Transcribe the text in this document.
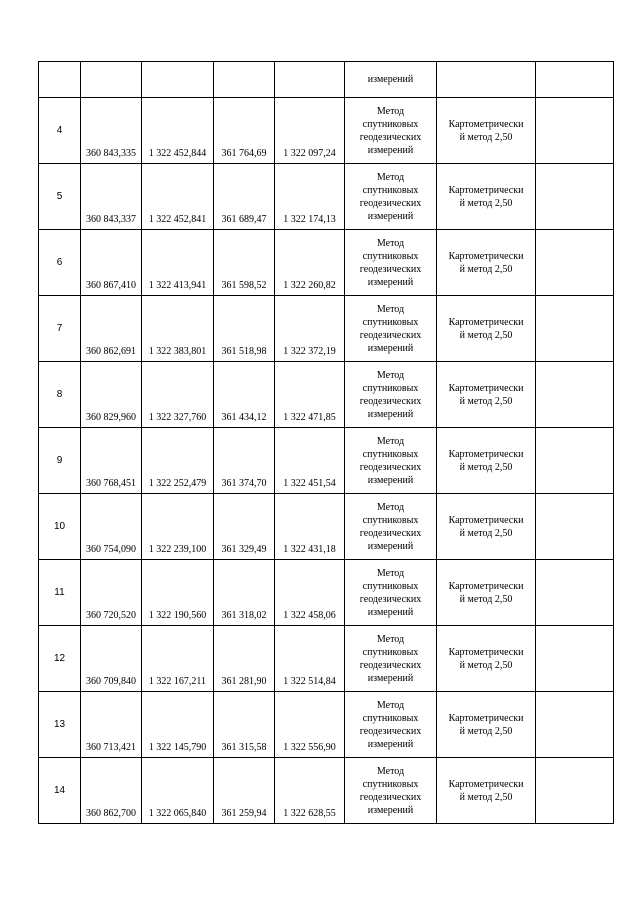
					измерений		
4	360 843,335	1 322 452,844	361 764,69	1 322 097,24	Метод
спутниковых
геодезических
измерений	Картометрически
й метод 2,50	

5	360 843,337	1 322 452,841	361 689,47	1 322 174,13	Метод
спутниковых
геодезических
измерений	Картометрически
й метод 2,50	

6	360 867,410	1 322 413,941	361 598,52	1 322 260,82	Метод
спутниковых
геодезических
измерений	Картометрически
й метод 2,50	

7	360 862,691	1 322 383,801	361 518,98	1 322 372,19	Метод
спутниковых
геодезических
измерений	Картометрически
й метод 2,50	

8	360 829,960	1 322 327,760	361 434,12	1 322 471,85	Метод
спутниковых
геодезических
измерений	Картометрически
й метод 2,50	

9	360 768,451	1 322 252,479	361 374,70	1 322 451,54	Метод
спутниковых
геодезических
измерений	Картометрически
й метод 2,50	

10	360 754,090	1 322 239,100	361 329,49	1 322 431,18	Метод
спутниковых
геодезических
измерений	Картометрически
й метод 2,50	

11	360 720,520	1 322 190,560	361 318,02	1 322 458,06	Метод
спутниковых
геодезических
измерений	Картометрически
й метод 2,50	

12	360 709,840	1 322 167,211	361 281,90	1 322 514,84	Метод
спутниковых
геодезических
измерений	Картометрически
й метод 2,50	

13	360 713,421	1 322 145,790	361 315,58	1 322 556,90	Метод
спутниковых
геодезических
измерений	Картометрически
й метод 2,50	

14	360 862,700	1 322 065,840	361 259,94	1 322 628,55	Метод
спутниковых
геодезических
измерений	Картометрически
й метод 2,50	
